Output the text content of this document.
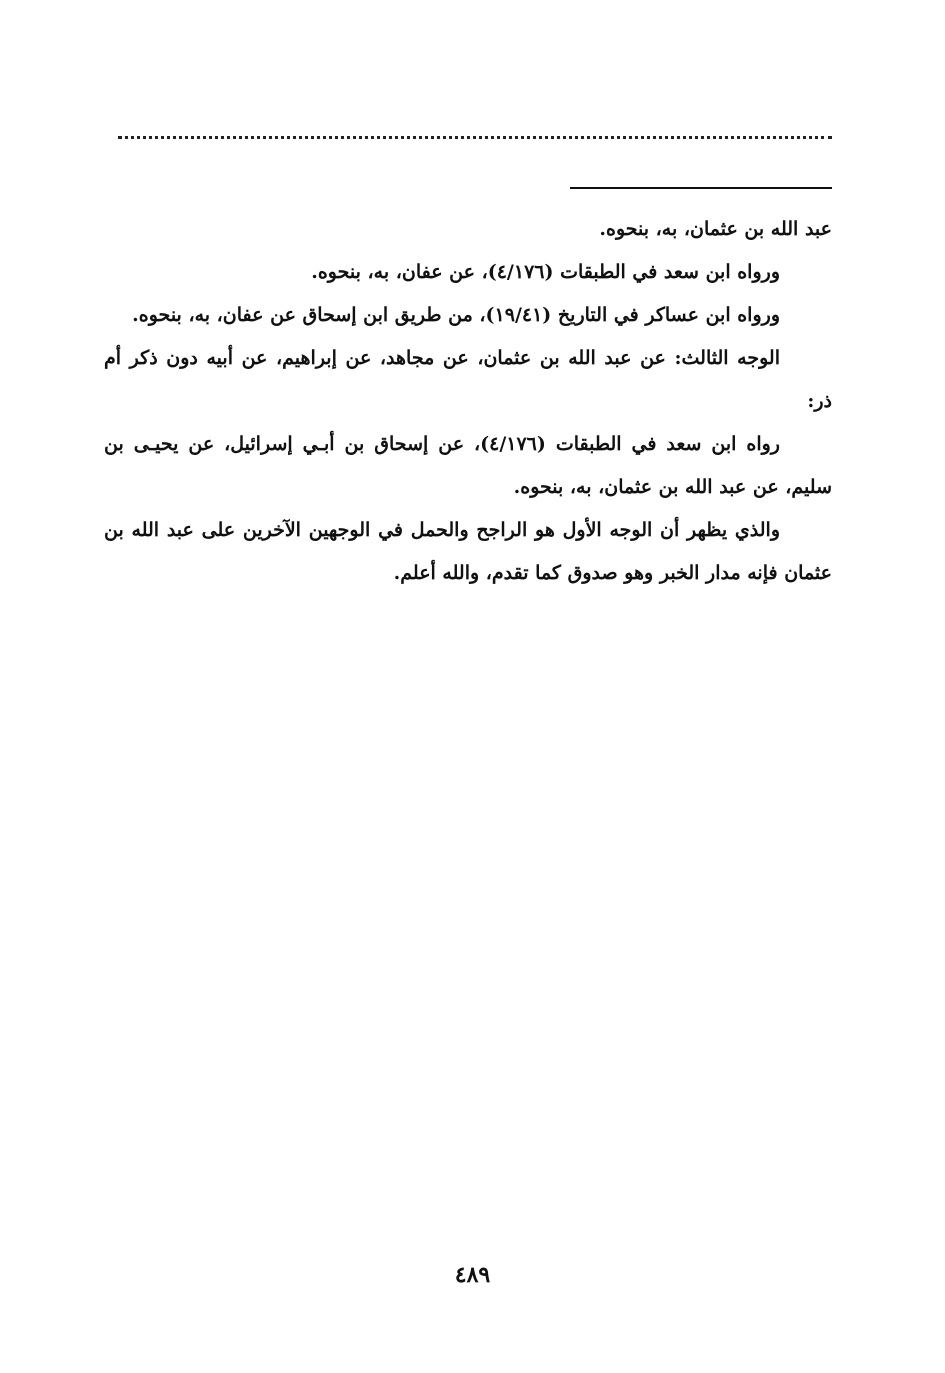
عبد الله بن عثمان، به، بنحوه.

ورواه ابن سعد في الطبقات (٤/١٧٦)، عن عفان، به، بنحوه.

ورواه ابن عساكر في التاريخ (١٩/٤١)، من طريق ابن إسحاق عن عفان، به، بنحوه.

الوجه الثالث: عن عبد الله بن عثمان، عن مجاهد، عن إبراهيم، عن أبيه دون ذكر أم ذر:

رواه ابن سعد في الطبقات (٤/١٧٦)، عن إسحاق بن أبـي إسرائيل، عن يحيـى بن سليم، عن عبد الله بن عثمان، به، بنحوه.

والذي يظهر أن الوجه الأول هو الراجح والحمل في الوجهين الآخرين على عبد الله بن عثمان فإنه مدار الخبر وهو صدوق كما تقدم، والله أعلم.

٤٨٩
